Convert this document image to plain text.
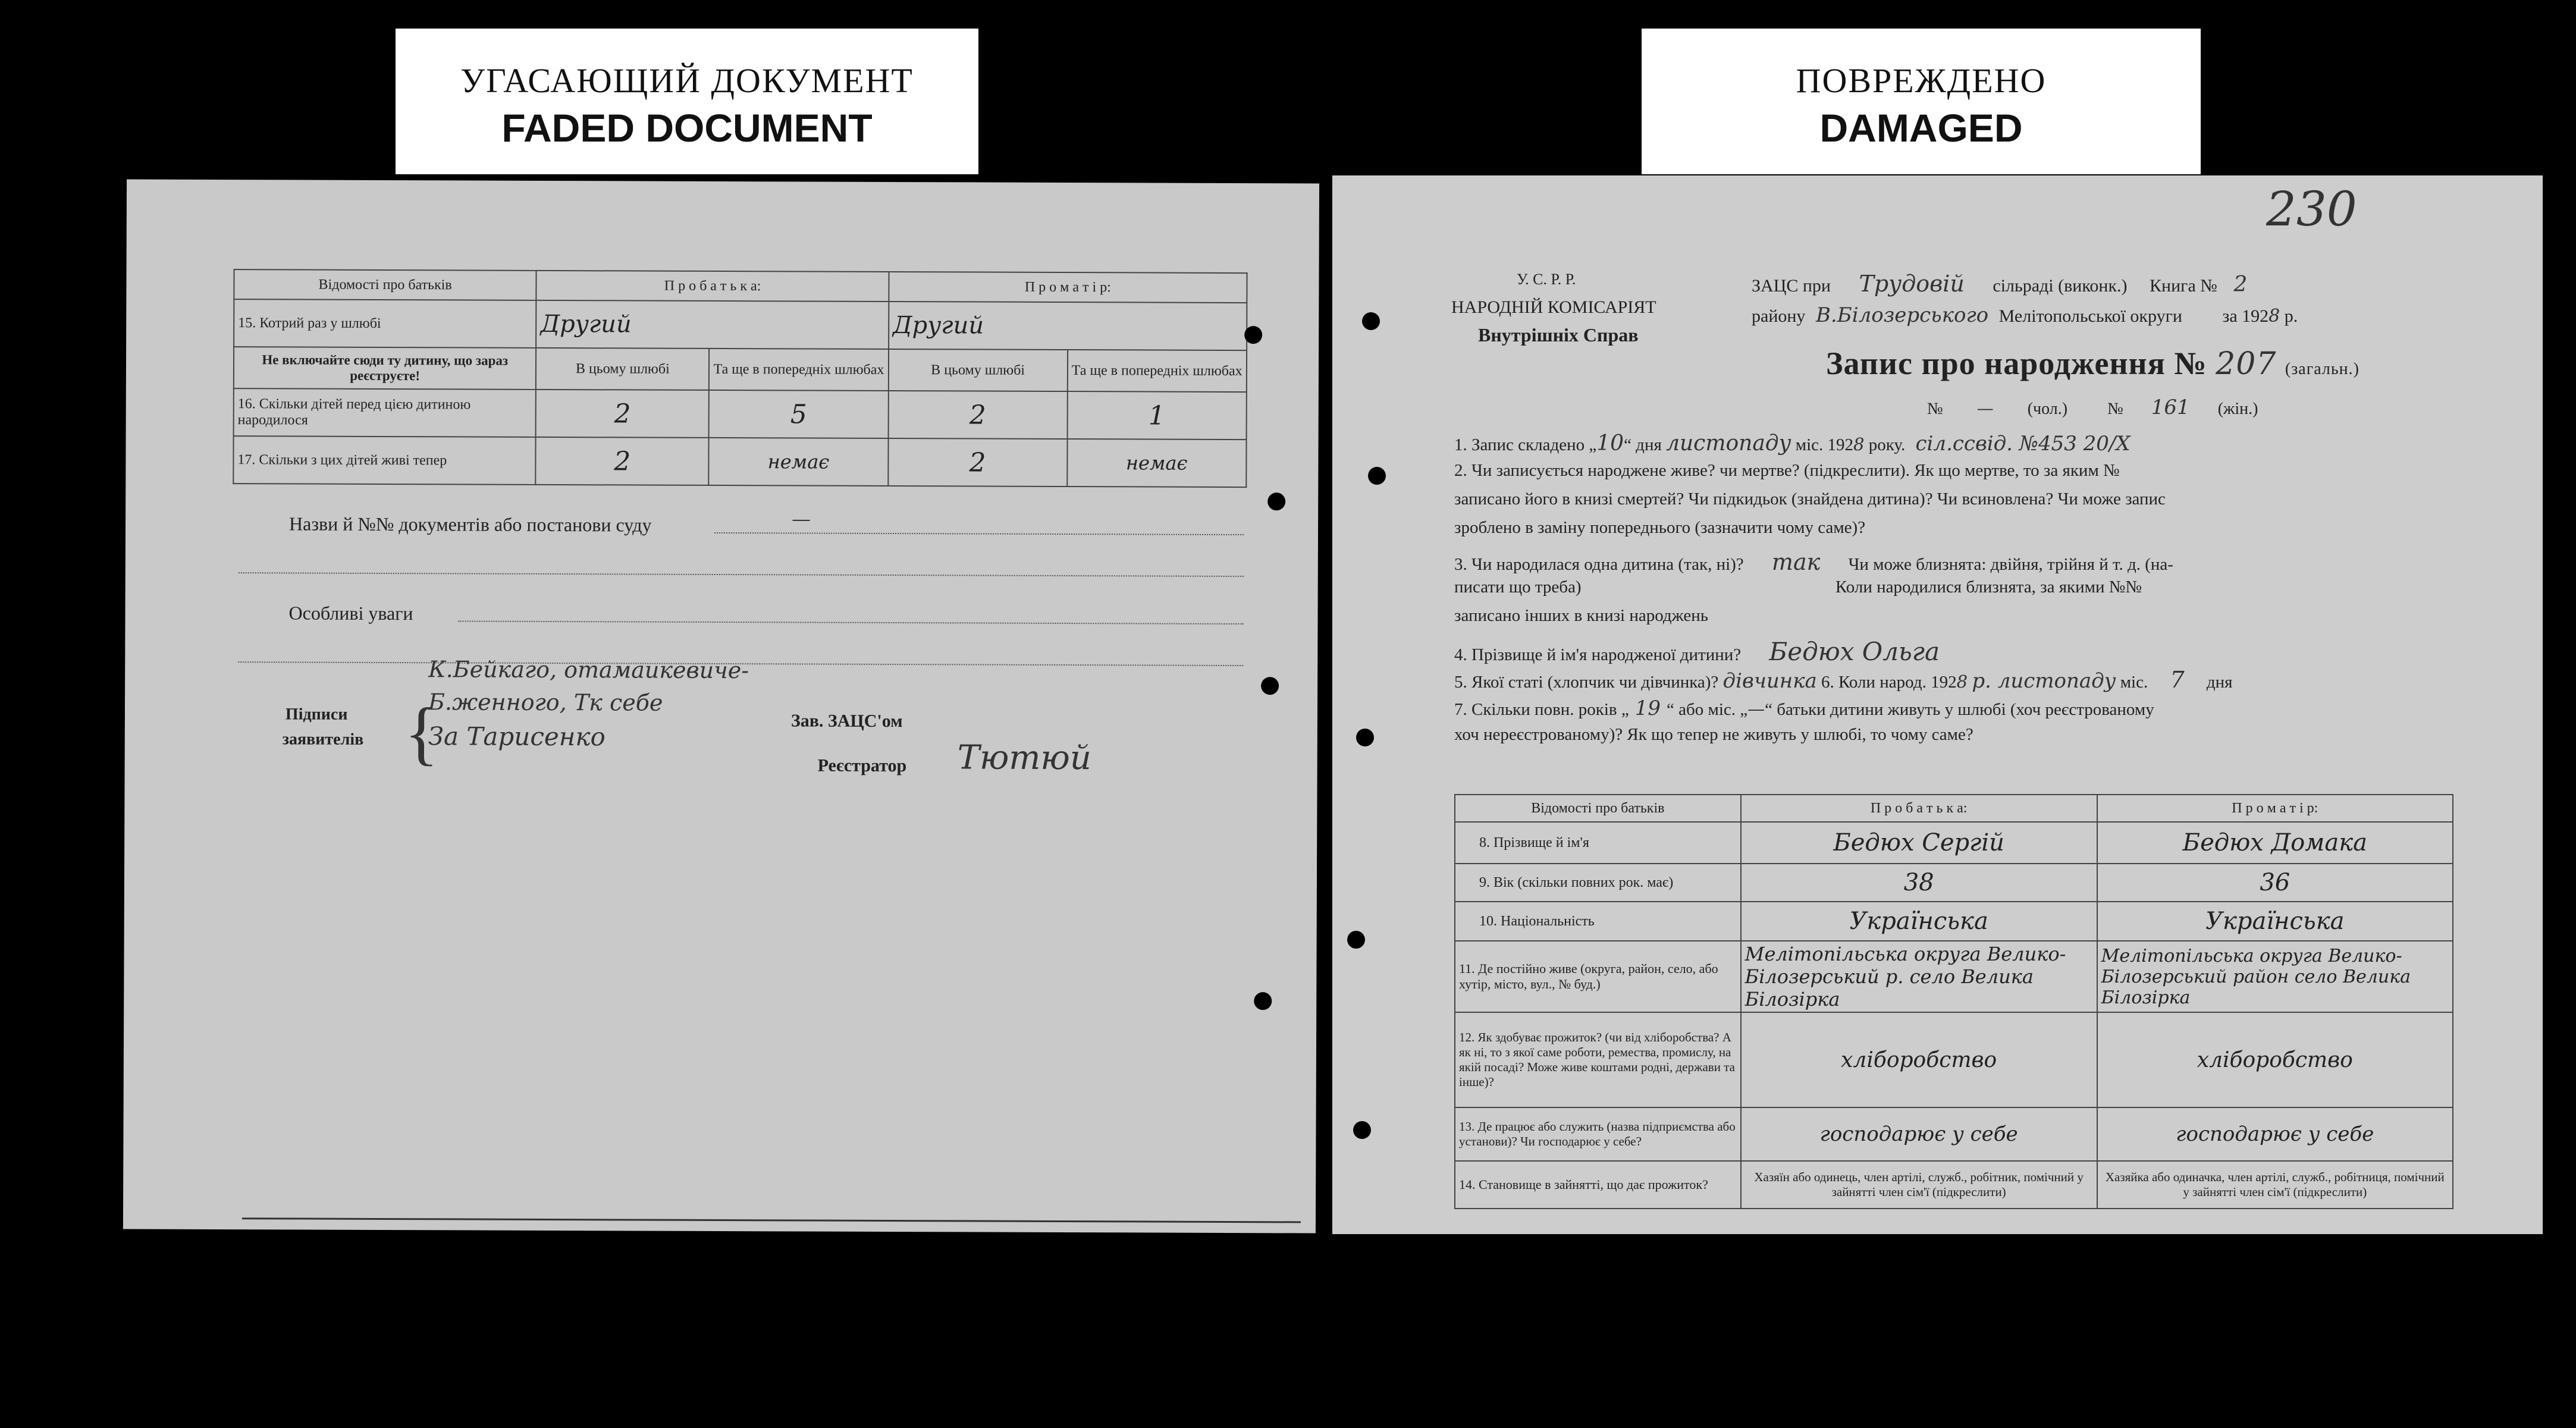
УГАСАЮЩИЙ ДОКУМЕНТ
FADED DOCUMENT
ПОВРЕЖДЕНО
DAMAGED
Відомості про батьків	П р о б а т ь к а:		П р о м а т і р:	
15. Котрий раз у шлюбі	Другий		Другий	
Не включайте сюди ту дитину, що зараз реєструєте!	В цьому шлюбі	Та ще в попередніх шлюбах	В цьому шлюбі	Та ще в попередніх шлюбах
16. Скільки дітей перед цією дитиною народилося	2	5	2	1
17. Скільки з цих дітей живі тепер	2	немає	2	немає
Назви й №№ документів або постанови суду	—
Особливі уваги
К.Бейкаго, отамаикевиче-
Б.женного, Тк себе
За Тарисенко
Підписи
заявителів {	Зав. ЗАЦС'ом
Реєстратор Тютюй
230
У. С. Р. Р.
НАРОДНІЙ КОМІСАРІЯТ
Внутрішніх Справ
ЗАЦС при Трудовій сільраді (виконк.) Книга № 2
району В.Білозерського Мелітопольської округи за 1928 р.
Запис про народження № 207 (загальн.)
№ — (чол.) № 161 (жін.)
1. Запис складено „10“ дня листопаду міс. 1928 року. сіл.ссвід. №453 20/X
2. Чи записується народжене живе? чи мертве? (підкреслити). Як що мертве, то за яким №
записано його в книзі смертей? Чи підкидьок (знайдена дитина)? Чи всиновлена? Чи може запис
зроблено в заміну попереднього (зазначити чому саме)?
3. Чи народилася одна дитина (так, ні)? так Чи може близнята: двійня, трійня й т. д. (на-
писати що треба)	Коли народилися близнята, за якими №№
записано інших в книзі народжень
4. Прізвище й ім'я народженої дитини? Бедюх Ольга
5. Якої статі (хлопчик чи дівчинка)? дівчинка 6. Коли народ. 1928 р. листопаду міс. 7 дня
7. Скільки повн. років „ 19 “ або міс. „—“ батьки дитини живуть у шлюбі (хоч реєстрованому
хоч нереєстрованому)? Як що тепер не живуть у шлюбі, то чому саме?
Відомості про батьків	П р о б а т ь к а:	П р о м а т і р:
8. Прізвище й ім'я	Бедюх Сергій	Бедюх Домака
9. Вік (скільки повних рок. має)	38	36
10. Національність	Українська	Українська
11. Де постійно живе (округа, район, село, або хутір, місто, вул., № буд.)	Мелітопільська округа Велико-Білозерський р. село Велика Білозірка	Мелітопільська округа Велико-Білозерський район село Велика Білозірка
12. Як здобуває прожиток? (чи від хліборобства? А як ні, то з якої саме роботи, ремества, промислу, на якій посаді? Може живе коштами родні, держави та інше)?	хліборобство	хліборобство
13. Де працює або служить (назва підприємства або установи)? Чи господарює у себе?	господарює у себе	господарює у себе
14. Становище в зайнятті, що дає прожиток?	Хазяїн або одинець, член артілі, служб., робітник, помічний у зайнятті член сім'ї (підкреслити)	Хазяйка або одиначка, член артілі, служб., робітниця, помічний у зайнятті член сім'ї (підкреслити)
